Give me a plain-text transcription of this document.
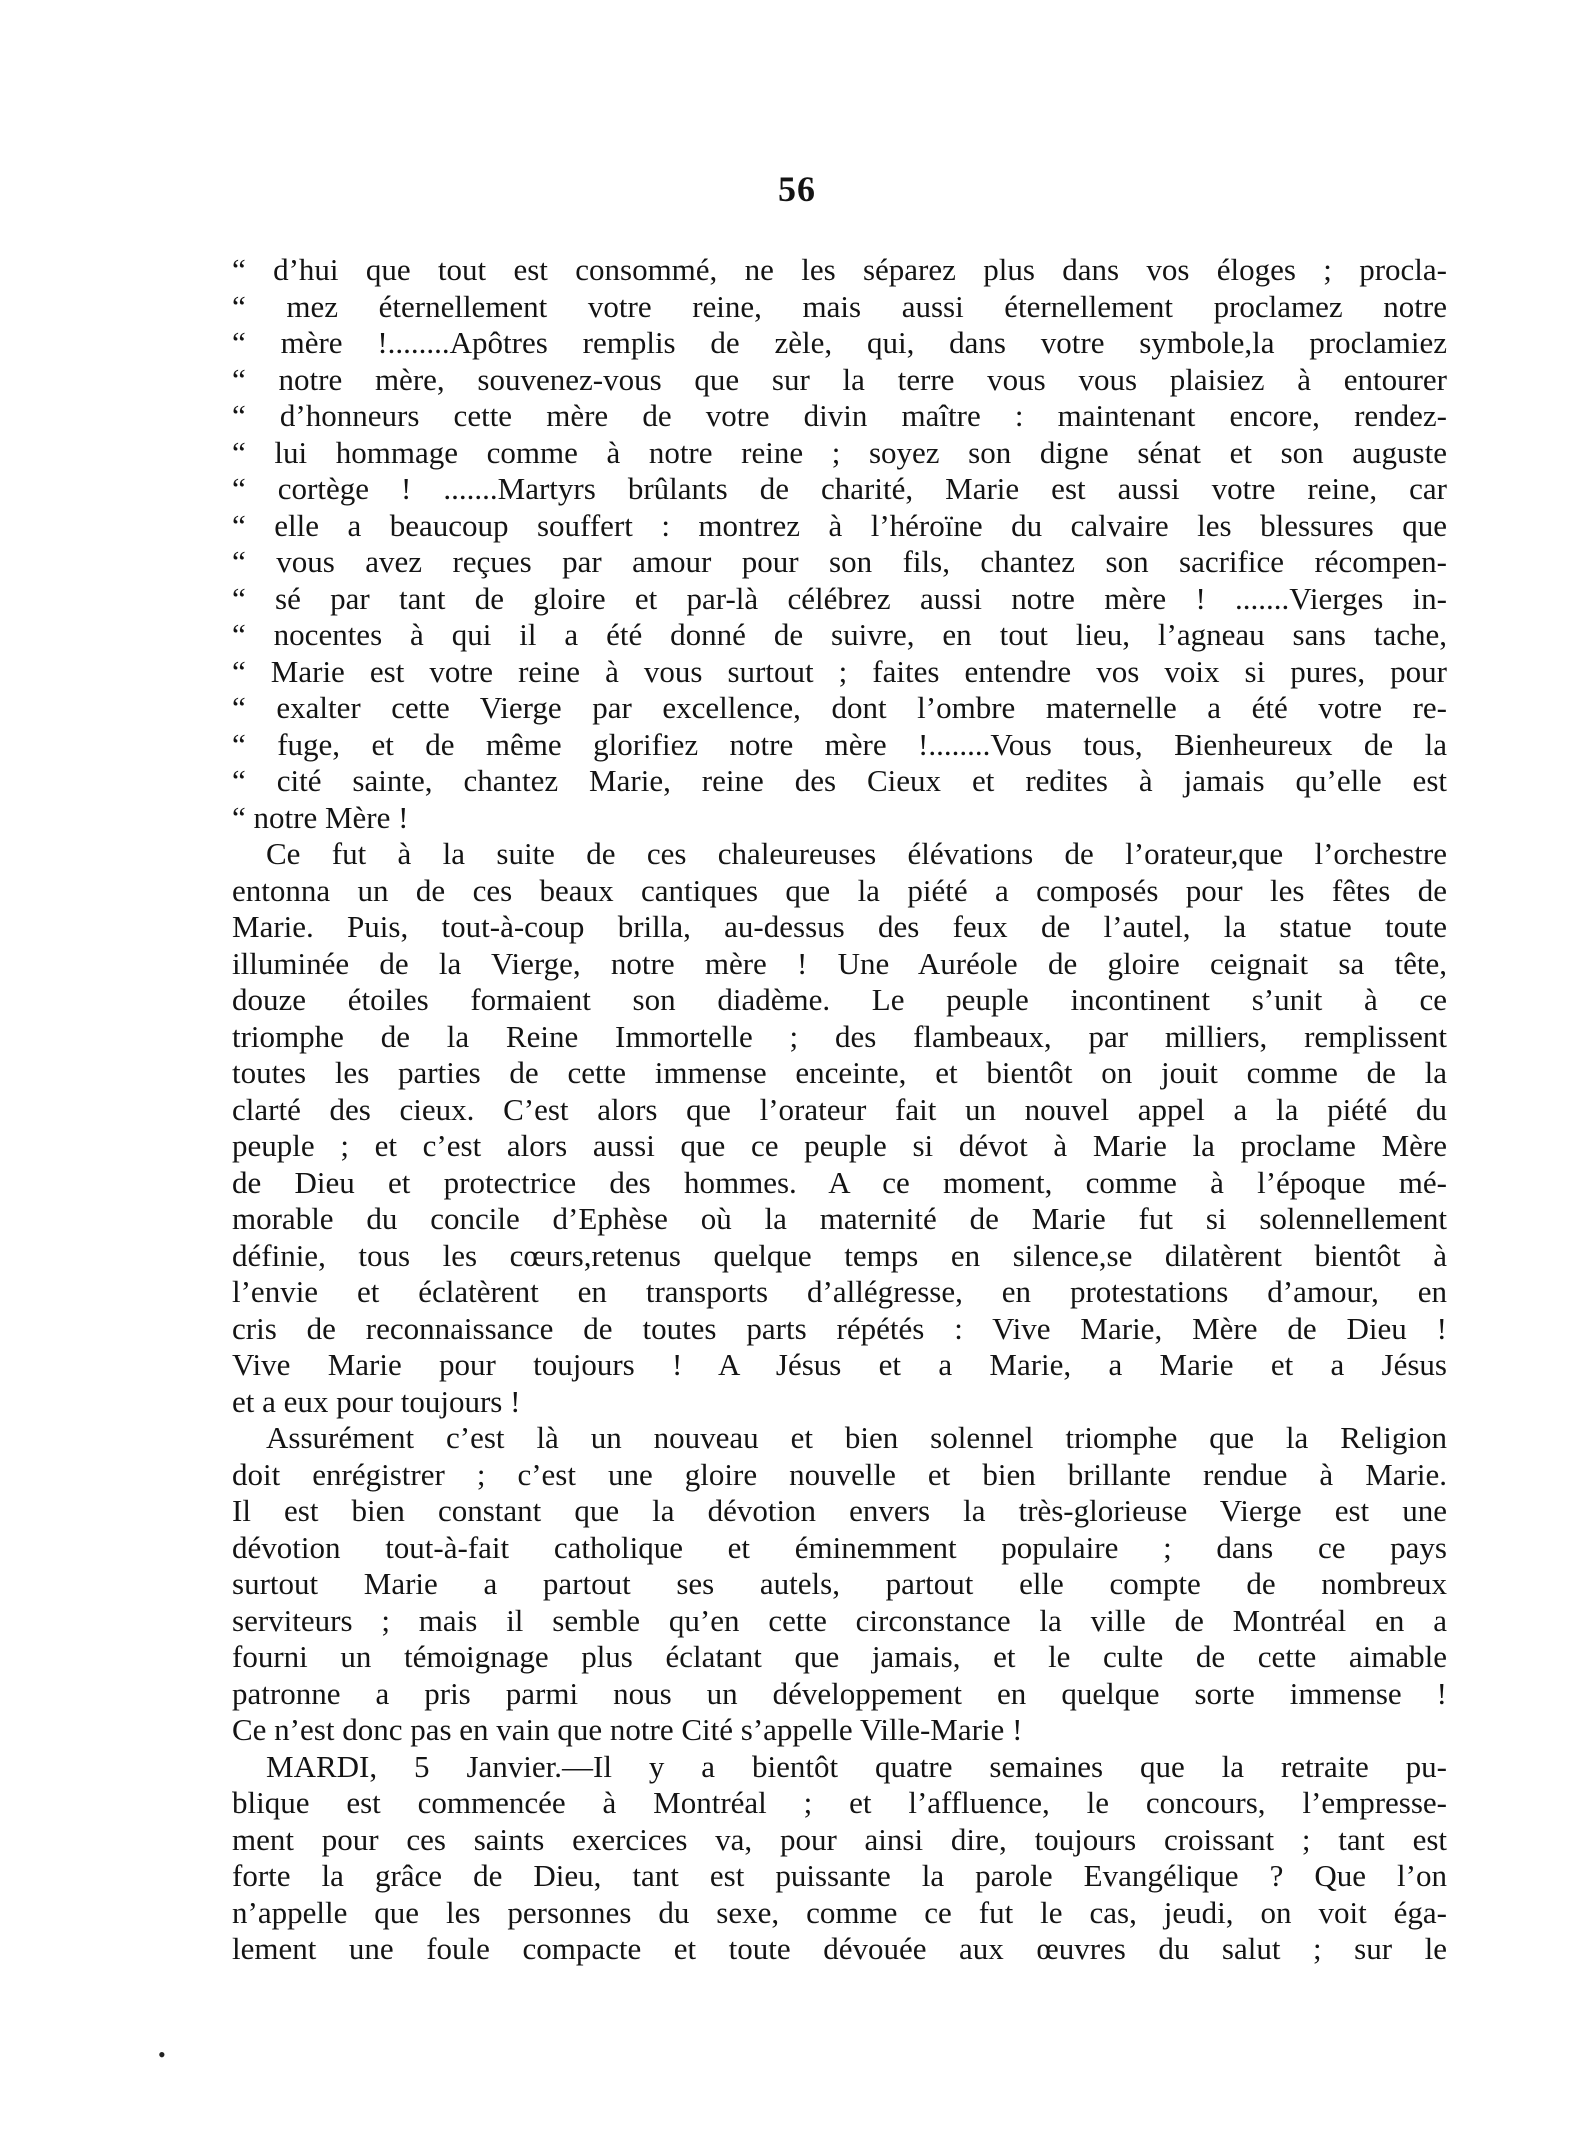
56
“ d’hui que tout est consommé, ne les séparez plus dans vos éloges ; procla-
“ mez éternellement votre reine, mais aussi éternellement proclamez notre
“ mère !........Apôtres remplis de zèle, qui, dans votre symbole,la proclamiez
“ notre mère, souvenez-vous que sur la terre vous vous plaisiez à entourer
“ d’honneurs cette mère de votre divin maître : maintenant encore, rendez-
“ lui hommage comme à notre reine ; soyez son digne sénat et son auguste
“ cortège ! .......Martyrs brûlants de charité, Marie est aussi votre reine, car
“ elle a beaucoup souffert : montrez à l’héroïne du calvaire les blessures que
“ vous avez reçues par amour pour son fils, chantez son sacrifice récompen-
“ sé par tant de gloire et par-là célébrez aussi notre mère ! .......Vierges in-
“ nocentes à qui il a été donné de suivre, en tout lieu, l’agneau sans tache,
“ Marie est votre reine à vous surtout ; faites entendre vos voix si pures, pour
“ exalter cette Vierge par excellence, dont l’ombre maternelle a été votre re-
“ fuge, et de même glorifiez notre mère !........Vous tous, Bienheureux de la
“ cité sainte, chantez Marie, reine des Cieux et redites à jamais qu’elle est
“ notre Mère !
Ce fut à la suite de ces chaleureuses élévations de l’orateur,que l’orchestre
entonna un de ces beaux cantiques que la piété a composés pour les fêtes de
Marie. Puis, tout-à-coup brilla, au-dessus des feux de l’autel, la statue toute
illuminée de la Vierge, notre mère ! Une Auréole de gloire ceignait sa tête,
douze étoiles formaient son diadème. Le peuple incontinent s’unit à ce
triomphe de la Reine Immortelle ; des flambeaux, par milliers, remplissent
toutes les parties de cette immense enceinte, et bientôt on jouit comme de la
clarté des cieux. C’est alors que l’orateur fait un nouvel appel a la piété du
peuple ; et c’est alors aussi que ce peuple si dévot à Marie la proclame Mère
de Dieu et protectrice des hommes. A ce moment, comme à l’époque mé-
morable du concile d’Ephèse où la maternité de Marie fut si solennellement
définie, tous les cœurs,retenus quelque temps en silence,se dilatèrent bientôt à
l’envie et éclatèrent en transports d’allégresse, en protestations d’amour, en
cris de reconnaissance de toutes parts répétés : Vive Marie, Mère de Dieu !
Vive Marie pour toujours ! A Jésus et a Marie, a Marie et a Jésus
et a eux pour toujours !
Assurément c’est là un nouveau et bien solennel triomphe que la Religion
doit enrégistrer ; c’est une gloire nouvelle et bien brillante rendue à Marie.
Il est bien constant que la dévotion envers la très-glorieuse Vierge est une
dévotion tout-à-fait catholique et éminemment populaire ; dans ce pays
surtout Marie a partout ses autels, partout elle compte de nombreux
serviteurs ; mais il semble qu’en cette circonstance la ville de Montréal en a
fourni un témoignage plus éclatant que jamais, et le culte de cette aimable
patronne a pris parmi nous un développement en quelque sorte immense !
Ce n’est donc pas en vain que notre Cité s’appelle Ville-Marie !
MARDI, 5 Janvier.—Il y a bientôt quatre semaines que la retraite pu-
blique est commencée à Montréal ; et l’affluence, le concours, l’empresse-
ment pour ces saints exercices va, pour ainsi dire, toujours croissant ; tant est
forte la grâce de Dieu, tant est puissante la parole Evangélique ? Que l’on
n’appelle que les personnes du sexe, comme ce fut le cas, jeudi, on voit éga-
lement une foule compacte et toute dévouée aux œuvres du salut ; sur le
•
